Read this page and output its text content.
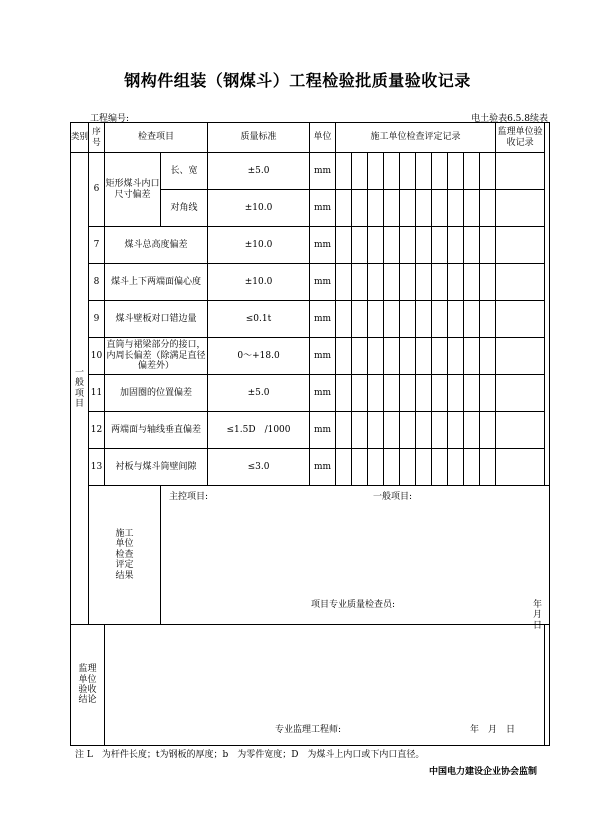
钢构件组装（钢煤斗）工程检验批质量验收记录
工程编号:	电土验表6.5.8续表
类别	序号	检查项目		质量标准	单位	施工单位检查评定记录										监理单位验收记录
一般项目	6	矩形煤斗内口尺寸偏差	长、宽	±5.0	mm											
			对角线	±10.0	mm											
	7	煤斗总高度偏差		±10.0	mm											
	8	煤斗上下两端面偏心度		±10.0	mm											
	9	煤斗壁板对口错边量		≤0.1t	mm											
	10	直筒与裙梁部分的接口，内周长偏差（除满足直径偏差外）		0～+18.0	mm											
	11	加固圈的位置偏差		±5.0	mm											
	12	两端面与轴线垂直偏差		≤1.5D　/1000	mm											
	13	衬板与煤斗筒壁间隙		≤3.0	mm											
	施工单位检查评定结果		主控项目: 一般项目:
项目专业质量检查员: 年　月　日													

监理单位验收结论		专业监理工程师: 年　月　日														
注 L　为杆件长度；t为钢板的厚度；b　为零件宽度；D　为煤斗上内口或下内口直径。
中国电力建设企业协会监制
